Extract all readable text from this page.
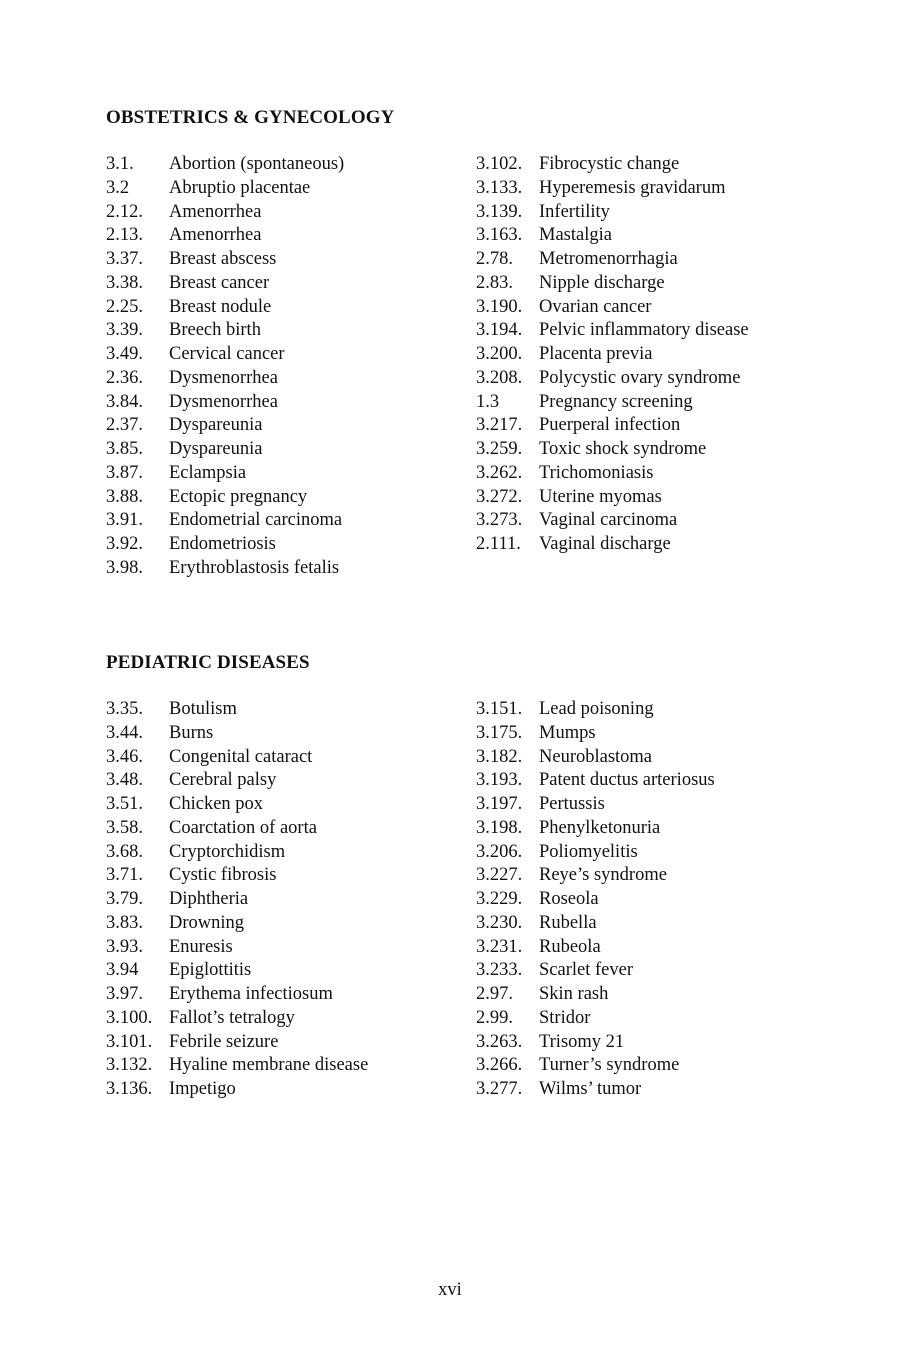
OBSTETRICS & GYNECOLOGY
3.1.	Abortion (spontaneous)
3.2	Abruptio placentae
2.12.	Amenorrhea
2.13.	Amenorrhea
3.37.	Breast abscess
3.38.	Breast cancer
2.25.	Breast nodule
3.39.	Breech birth
3.49.	Cervical cancer
2.36.	Dysmenorrhea
3.84.	Dysmenorrhea
2.37.	Dyspareunia
3.85.	Dyspareunia
3.87.	Eclampsia
3.88.	Ectopic pregnancy
3.91.	Endometrial carcinoma
3.92.	Endometriosis
3.98.	Erythroblastosis fetalis
3.102. Fibrocystic change
3.133. Hyperemesis gravidarum
3.139. Infertility
3.163. Mastalgia
2.78.	Metromenorrhagia
2.83.	Nipple discharge
3.190. Ovarian cancer
3.194. Pelvic inflammatory disease
3.200. Placenta previa
3.208. Polycystic ovary syndrome
1.3	Pregnancy screening
3.217. Puerperal infection
3.259. Toxic shock syndrome
3.262. Trichomoniasis
3.272. Uterine myomas
3.273. Vaginal carcinoma
2.111. Vaginal discharge
PEDIATRIC DISEASES
3.35.	Botulism
3.44.	Burns
3.46.	Congenital cataract
3.48.	Cerebral palsy
3.51.	Chicken pox
3.58.	Coarctation of aorta
3.68.	Cryptorchidism
3.71.	Cystic fibrosis
3.79.	Diphtheria
3.83.	Drowning
3.93.	Enuresis
3.94	Epiglottitis
3.97.	Erythema infectiosum
3.100. Fallot’s tetralogy
3.101. Febrile seizure
3.132. Hyaline membrane disease
3.136. Impetigo
3.151. Lead poisoning
3.175. Mumps
3.182. Neuroblastoma
3.193. Patent ductus arteriosus
3.197. Pertussis
3.198. Phenylketonuria
3.206. Poliomyelitis
3.227. Reye’s syndrome
3.229. Roseola
3.230. Rubella
3.231. Rubeola
3.233. Scarlet fever
2.97.	Skin rash
2.99.	Stridor
3.263. Trisomy 21
3.266. Turner’s syndrome
3.277. Wilms’ tumor
xvi
